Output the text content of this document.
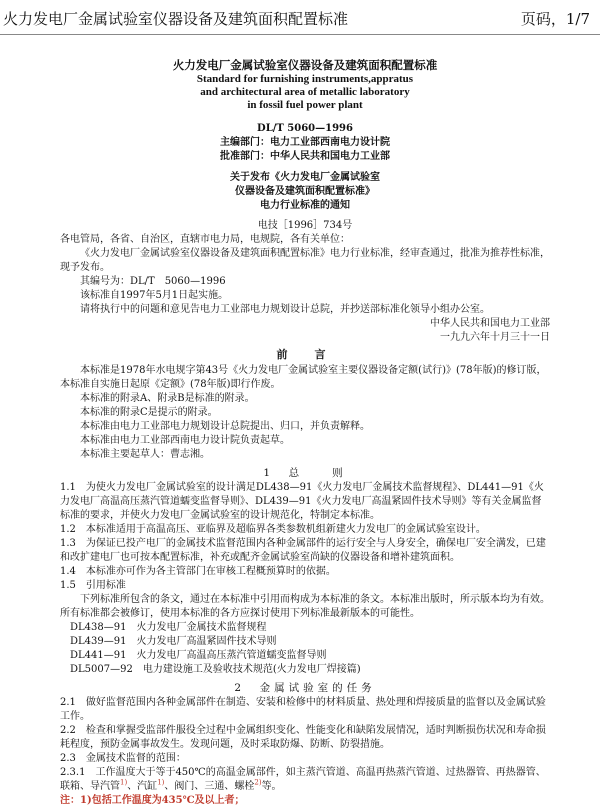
火力发电厂金属试验室仪器设备及建筑面积配置标准	页码，1/7
火力发电厂金属试验室仪器设备及建筑面积配置标准
Standard for furnishing instruments,appratus
and architectural area of metallic laboratory
in fossil fuel power plant
DL/T 5060—1996
主编部门：电力工业部西南电力设计院
批准部门：中华人民共和国电力工业部
关于发布《火力发电厂金属试验室
仪器设备及建筑面积配置标准》
电力行业标准的通知
电技［1996］734号

各电管局，各省、自治区，直辖市电力局，电规院，各有关单位：

《火力发电厂金属试验室仪器设备及建筑面积配置标准》电力行业标准，经审查通过，批准为推荐性标准，现予发布。

其编号为：DL/T　5060—1996

该标准自1997年5月1日起实施。

请将执行中的问题和意见告电力工业部电力规划设计总院，并抄送部标准化领导小组办公室。

中华人民共和国电力工业部

一九九六年十月三十一日

前　言

本标准是1978年水电规字第43号《火力发电厂金属试验室主要仪器设备定额(试行)》(78年版)的修订版，本标准自实施日起原《定额》(78年版)即行作废。

本标准的附录A、附录B是标准的附录。

本标准的附录C是提示的附录。

本标准由电力工业部电力规划设计总院提出、归口，并负责解释。

本标准由电力工业部西南电力设计院负责起草。

本标准主要起草人：曹志湘。

1　总　　则

1.1　为使火力发电厂金属试验室的设计满足DL438—91《火力发电厂金属技术监督规程》、DL441—91《火力发电厂高温高压蒸汽管道蠕变监督导则》、DL439—91《火力发电厂高温紧固件技术导则》等有关金属监督标准的要求，并使火力发电厂金属试验室的设计规范化，特制定本标准。

1.2　本标准适用于高温高压、亚临界及超临界各类参数机组新建火力发电厂的金属试验室设计。

1.3　为保证已投产电厂的金属技术监督范围内各种金属部件的运行安全与人身安全，确保电厂安全满发，已建和改扩建电厂也可按本配置标准，补充或配齐金属试验室尚缺的仪器设备和增补建筑面积。

1.4　本标准亦可作为各主管部门在审核工程概预算时的依据。

1.5　引用标准

下列标准所包含的条文，通过在本标准中引用而构成为本标准的条文。本标准出版时，所示版本均为有效。所有标准都会被修订，使用本标准的各方应探讨使用下列标准最新版本的可能性。

DL438—91　火力发电厂金属技术监督规程

DL439—91　火力发电厂高温紧固件技术导则

DL441—91　火力发电厂高温高压蒸汽管道蠕变监督导则

DL5007—92　电力建设施工及验收技术规范(火力发电厂焊接篇)

2　金属试验室的任务

2.1　做好监督范围内各种金属部件在制造、安装和检修中的材料质量、热处理和焊接质量的监督以及金属试验工作。

2.2　检查和掌握受监部件服役全过程中金属组织变化、性能变化和缺陷发展情况，适时判断损伤状况和寿命损耗程度，预防金属事故发生。发现问题，及时采取防爆、防断、防裂措施。

2.3　金属技术监督的范围：

2.3.1　工作温度大于等于450℃的高温金属部件，如主蒸汽管道、高温再热蒸汽管道、过热器管、再热器管、联箱、导汽管$^{1)}$、汽缸$^{1)}$、阀门、三通、螺栓$^{2)}$等。

注：1)包括工作温度为435℃及以上者；
